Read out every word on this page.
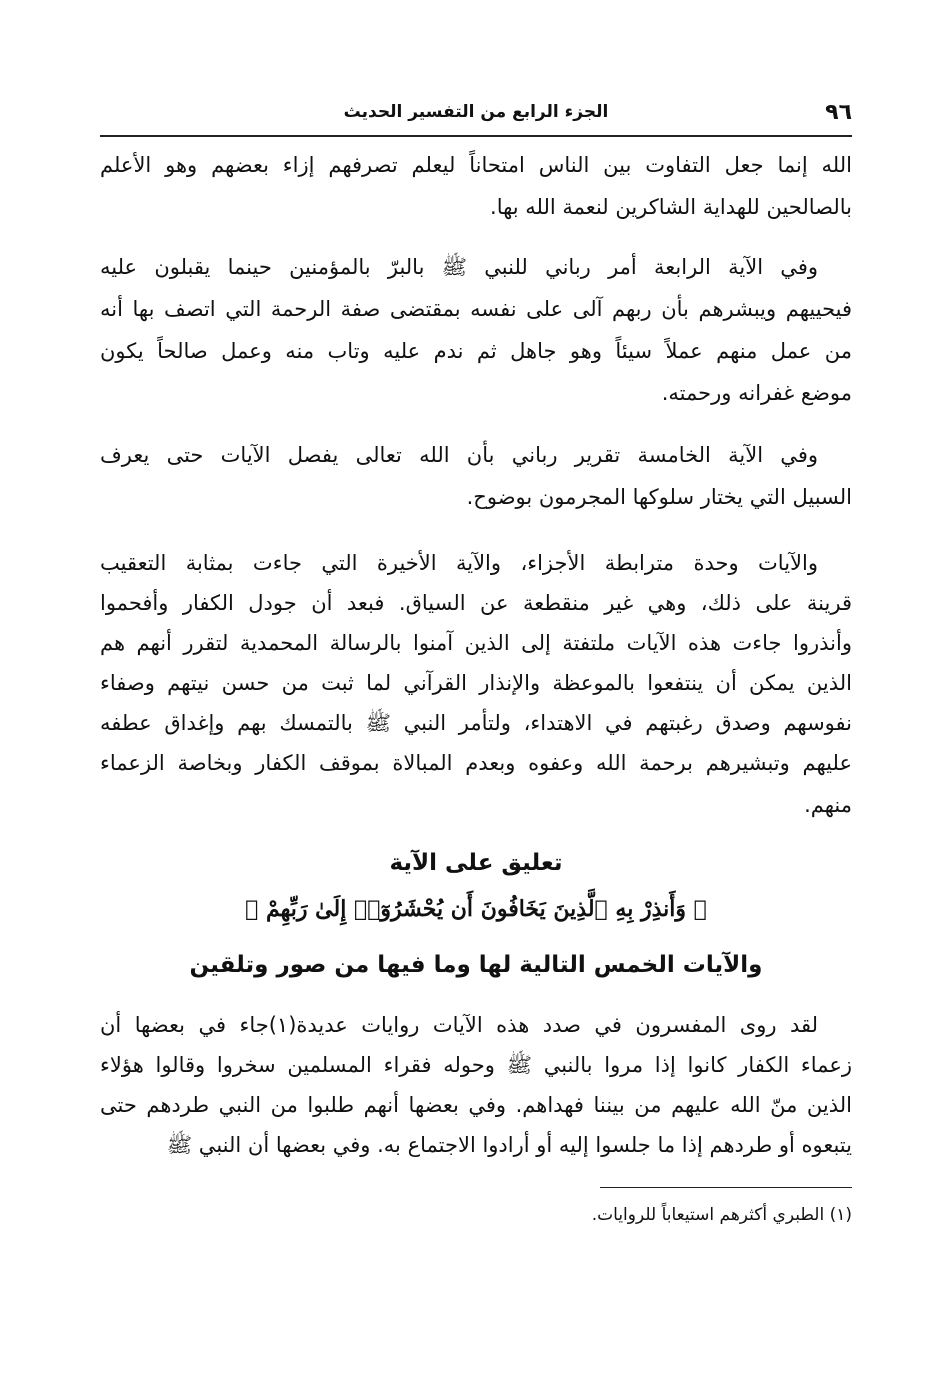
٩٦
الجزء الرابع من التفسير الحديث
الله إنما جعل التفاوت بين الناس امتحاناً ليعلم تصرفهم إزاء بعضهم وهو الأعلم
بالصالحين للهداية الشاكرين لنعمة الله بها.
وفي الآية الرابعة أمر رباني للنبي ﷺ بالبرّ بالمؤمنين حينما يقبلون عليه
فيحييهم ويبشرهم بأن ربهم آلى على نفسه بمقتضى صفة الرحمة التي اتصف بها أنه
من عمل منهم عملاً سيئاً وهو جاهل ثم ندم عليه وتاب منه وعمل صالحاً يكون
موضع غفرانه ورحمته.
وفي الآية الخامسة تقرير رباني بأن الله تعالى يفصل الآيات حتى يعرف
السبيل التي يختار سلوكها المجرمون بوضوح.
والآيات وحدة مترابطة الأجزاء، والآية الأخيرة التي جاءت بمثابة التعقيب
قرينة على ذلك، وهي غير منقطعة عن السياق. فبعد أن جودل الكفار وأفحموا
وأنذروا جاءت هذه الآيات ملتفتة إلى الذين آمنوا بالرسالة المحمدية لتقرر أنهم هم
الذين يمكن أن ينتفعوا بالموعظة والإنذار القرآني لما ثبت من حسن نيتهم وصفاء
نفوسهم وصدق رغبتهم في الاهتداء، ولتأمر النبي ﷺ بالتمسك بهم وإغداق عطفه
عليهم وتبشيرهم برحمة الله وعفوه وبعدم المبالاة بموقف الكفار وبخاصة الزعماء
منهم.
تعليق على الآية
﴿ وَأَنذِرْ بِهِ ٱلَّذِينَ يَخَافُونَ أَن يُحْشَرُوٓا۟ إِلَىٰ رَبِّهِمْ ﴾
والآيات الخمس التالية لها وما فيها من صور وتلقين
لقد روى المفسرون في صدد هذه الآيات روايات عديدة(١)جاء في بعضها أن
زعماء الكفار كانوا إذا مروا بالنبي ﷺ وحوله فقراء المسلمين سخروا وقالوا هؤلاء
الذين منّ الله عليهم من بيننا فهداهم. وفي بعضها أنهم طلبوا من النبي طردهم حتى
يتبعوه أو طردهم إذا ما جلسوا إليه أو أرادوا الاجتماع به. وفي بعضها أن النبي ﷺ
(١) الطبري أكثرهم استيعاباً للروايات.
